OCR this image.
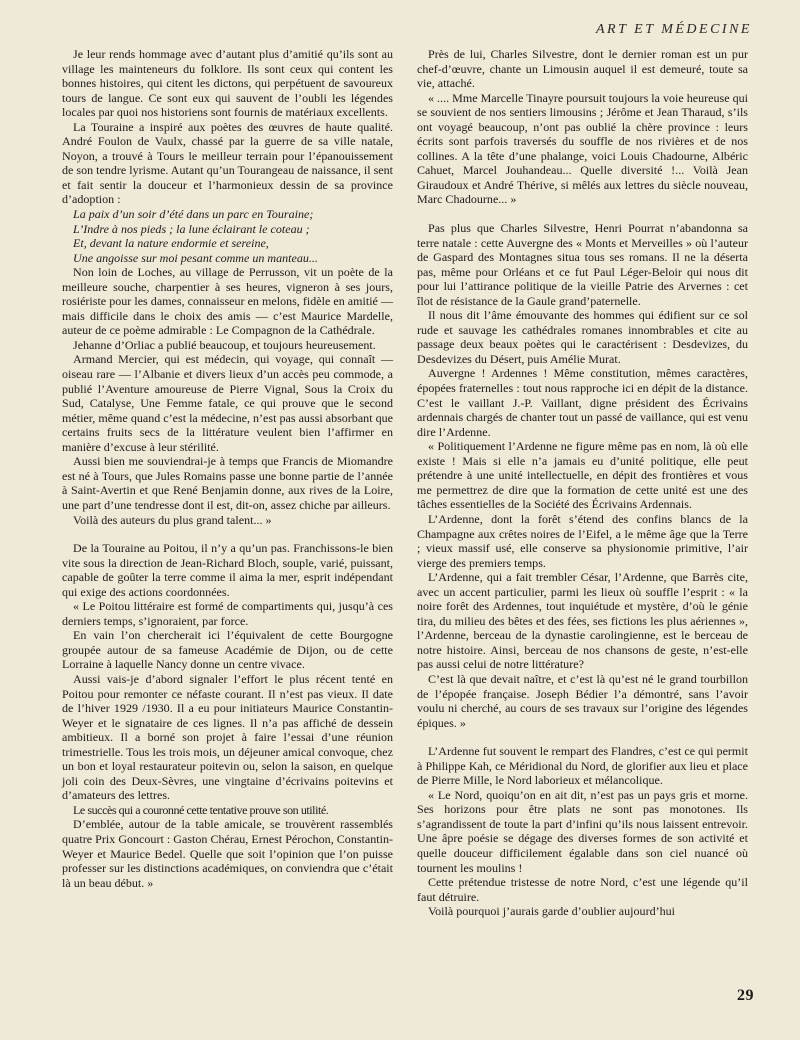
ART ET MÉDECINE

Je leur rends hommage avec d’autant plus d’amitié qu’ils sont au village les mainteneurs du folklore. Ils sont ceux qui content les bonnes histoires, qui citent les dictons, qui perpétuent de savoureux tours de langue. Ce sont eux qui sauvent de l’oubli les légendes locales par quoi nos historiens sont fournis de matériaux excellents.

La Touraine a inspiré aux poètes des œuvres de haute qualité. André Foulon de Vaulx, chassé par la guerre de sa ville natale, Noyon, a trouvé à Tours le meilleur terrain pour l’épanouissement de son tendre lyrisme. Autant qu’un Tourangeau de naissance, il sent et fait sentir la douceur et l’harmonieux dessin de sa province d’adoption :

La paix d’un soir d’été dans un parc en Touraine;

L’Indre à nos pieds ; la lune éclairant le coteau ;

Et, devant la nature endormie et sereine,

Une angoisse sur moi pesant comme un manteau...

Non loin de Loches, au village de Perrusson, vit un poète de la meilleure souche, charpentier à ses heures, vigneron à ses jours, rosiériste pour les dames, connaisseur en melons, fidèle en amitié — mais difficile dans le choix des amis — c’est Maurice Mardelle, auteur de ce poème admirable : Le Compagnon de la Cathédrale.

Jehanne d’Orliac a publié beaucoup, et toujours heureusement.

Armand Mercier, qui est médecin, qui voyage, qui connaît — oiseau rare — l’Albanie et divers lieux d’un accès peu commode, a publié l’Aventure amoureuse de Pierre Vignal, Sous la Croix du Sud, Catalyse, Une Femme fatale, ce qui prouve que le second métier, même quand c’est la médecine, n’est pas aussi absorbant que certains fruits secs de la littérature veulent bien l’affirmer en manière d’excuse à leur stérilité.

Aussi bien me souviendrai-je à temps que Francis de Miomandre est né à Tours, que Jules Romains passe une bonne partie de l’année à Saint-Avertin et que René Benjamin donne, aux rives de la Loire, une part d’une tendresse dont il est, dit-on, assez chiche par ailleurs.

Voilà des auteurs du plus grand talent... »

De la Touraine au Poitou, il n’y a qu’un pas. Franchissons-le bien vite sous la direction de Jean-Richard Bloch, souple, varié, puissant, capable de goûter la terre comme il aima la mer, esprit indépendant qui exige des actions coordonnées.

« Le Poitou littéraire est formé de compartiments qui, jusqu’à ces derniers temps, s’ignoraient, par force.

En vain l’on chercherait ici l’équivalent de cette Bourgogne groupée autour de sa fameuse Académie de Dijon, ou de cette Lorraine à laquelle Nancy donne un centre vivace.

Aussi vais-je d’abord signaler l’effort le plus récent tenté en Poitou pour remonter ce néfaste courant. Il n’est pas vieux. Il date de l’hiver 1929 /1930. Il a eu pour initiateurs Maurice Constantin-Weyer et le signataire de ces lignes. Il n’a pas affiché de dessein ambitieux. Il a borné son projet à faire l’essai d’une réunion trimestrielle. Tous les trois mois, un déjeuner amical convoque, chez un bon et loyal restaurateur poitevin ou, selon la saison, en quelque joli coin des Deux-Sèvres, une vingtaine d’écrivains poitevins et d’amateurs des lettres.

Le succès qui a couronné cette tentative prouve son utilité.

D’emblée, autour de la table amicale, se trouvèrent rassemblés quatre Prix Goncourt : Gaston Chérau, Ernest Pérochon, Constantin-Weyer et Maurice Bedel. Quelle que soit l’opinion que l’on puisse professer sur les distinctions académiques, on conviendra que c’était là un beau début. »

Près de lui, Charles Silvestre, dont le dernier roman est un pur chef-d’œuvre, chante un Limousin auquel il est demeuré, toute sa vie, attaché.

« .... Mme Marcelle Tinayre poursuit toujours la voie heureuse qui se souvient de nos sentiers limousins ; Jérôme et Jean Tharaud, s’ils ont voyagé beaucoup, n’ont pas oublié la chère province : leurs écrits sont parfois traversés du souffle de nos rivières et de nos collines. A la tête d’une phalange, voici Louis Chadourne, Albéric Cahuet, Marcel Jouhandeau... Quelle diversité !... Voilà Jean Giraudoux et André Thérive, si mêlés aux lettres du siècle nouveau, Marc Chadourne... »

Pas plus que Charles Silvestre, Henri Pourrat n’abandonna sa terre natale : cette Auvergne des « Monts et Merveilles » où l’auteur de Gaspard des Montagnes situa tous ses romans. Il ne la déserta pas, même pour Orléans et ce fut Paul Léger-Beloir qui nous dit pour lui l’attirance politique de la vieille Patrie des Arvernes : cet îlot de résistance de la Gaule grand’paternelle.

Il nous dit l’âme émouvante des hommes qui édifient sur ce sol rude et sauvage les cathédrales romanes innombrables et cite au passage deux beaux poètes qui le caractérisent : Desdevizes, du Desdevizes du Désert, puis Amélie Murat.

Auvergne ! Ardennes ! Même constitution, mêmes caractères, épopées fraternelles : tout nous rapproche ici en dépit de la distance. C’est le vaillant J.-P. Vaillant, digne président des Écrivains ardennais chargés de chanter tout un passé de vaillance, qui est venu dire l’Ardenne.

« Politiquement l’Ardenne ne figure même pas en nom, là où elle existe ! Mais si elle n’a jamais eu d’unité politique, elle peut prétendre à une unité intellectuelle, en dépit des frontières et vous me permettrez de dire que la formation de cette unité est une des tâches essentielles de la Société des Écrivains Ardennais.

L’Ardenne, dont la forêt s’étend des confins blancs de la Champagne aux crêtes noires de l’Eifel, a le même âge que la Terre ; vieux massif usé, elle conserve sa physionomie primitive, l’air vierge des premiers temps.

L’Ardenne, qui a fait trembler César, l’Ardenne, que Barrès cite, avec un accent particulier, parmi les lieux où souffle l’esprit : « la noire forêt des Ardennes, tout inquiétude et mystère, d’où le génie tira, du milieu des bêtes et des fées, ses fictions les plus aériennes », l’Ardenne, berceau de la dynastie carolingienne, est le berceau de notre histoire. Ainsi, berceau de nos chansons de geste, n’est-elle pas aussi celui de notre littérature?

C’est là que devait naître, et c’est là qu’est né le grand tourbillon de l’épopée française. Joseph Bédier l’a démontré, sans l’avoir voulu ni cherché, au cours de ses travaux sur l’origine des légendes épiques. »

L’Ardenne fut souvent le rempart des Flandres, c’est ce qui permit à Philippe Kah, ce Méridional du Nord, de glorifier aux lieu et place de Pierre Mille, le Nord laborieux et mélancolique.

« Le Nord, quoiqu’on en ait dit, n’est pas un pays gris et morne. Ses horizons pour être plats ne sont pas monotones. Ils s’agrandissent de toute la part d’infini qu’ils nous laissent entrevoir. Une âpre poésie se dégage des diverses formes de son activité et quelle douceur difficilement égalable dans son ciel nuancé où tournent les moulins !

Cette prétendue tristesse de notre Nord, c’est une légende qu’il faut détruire.

Voilà pourquoi j’aurais garde d’oublier aujourd’hui

29
